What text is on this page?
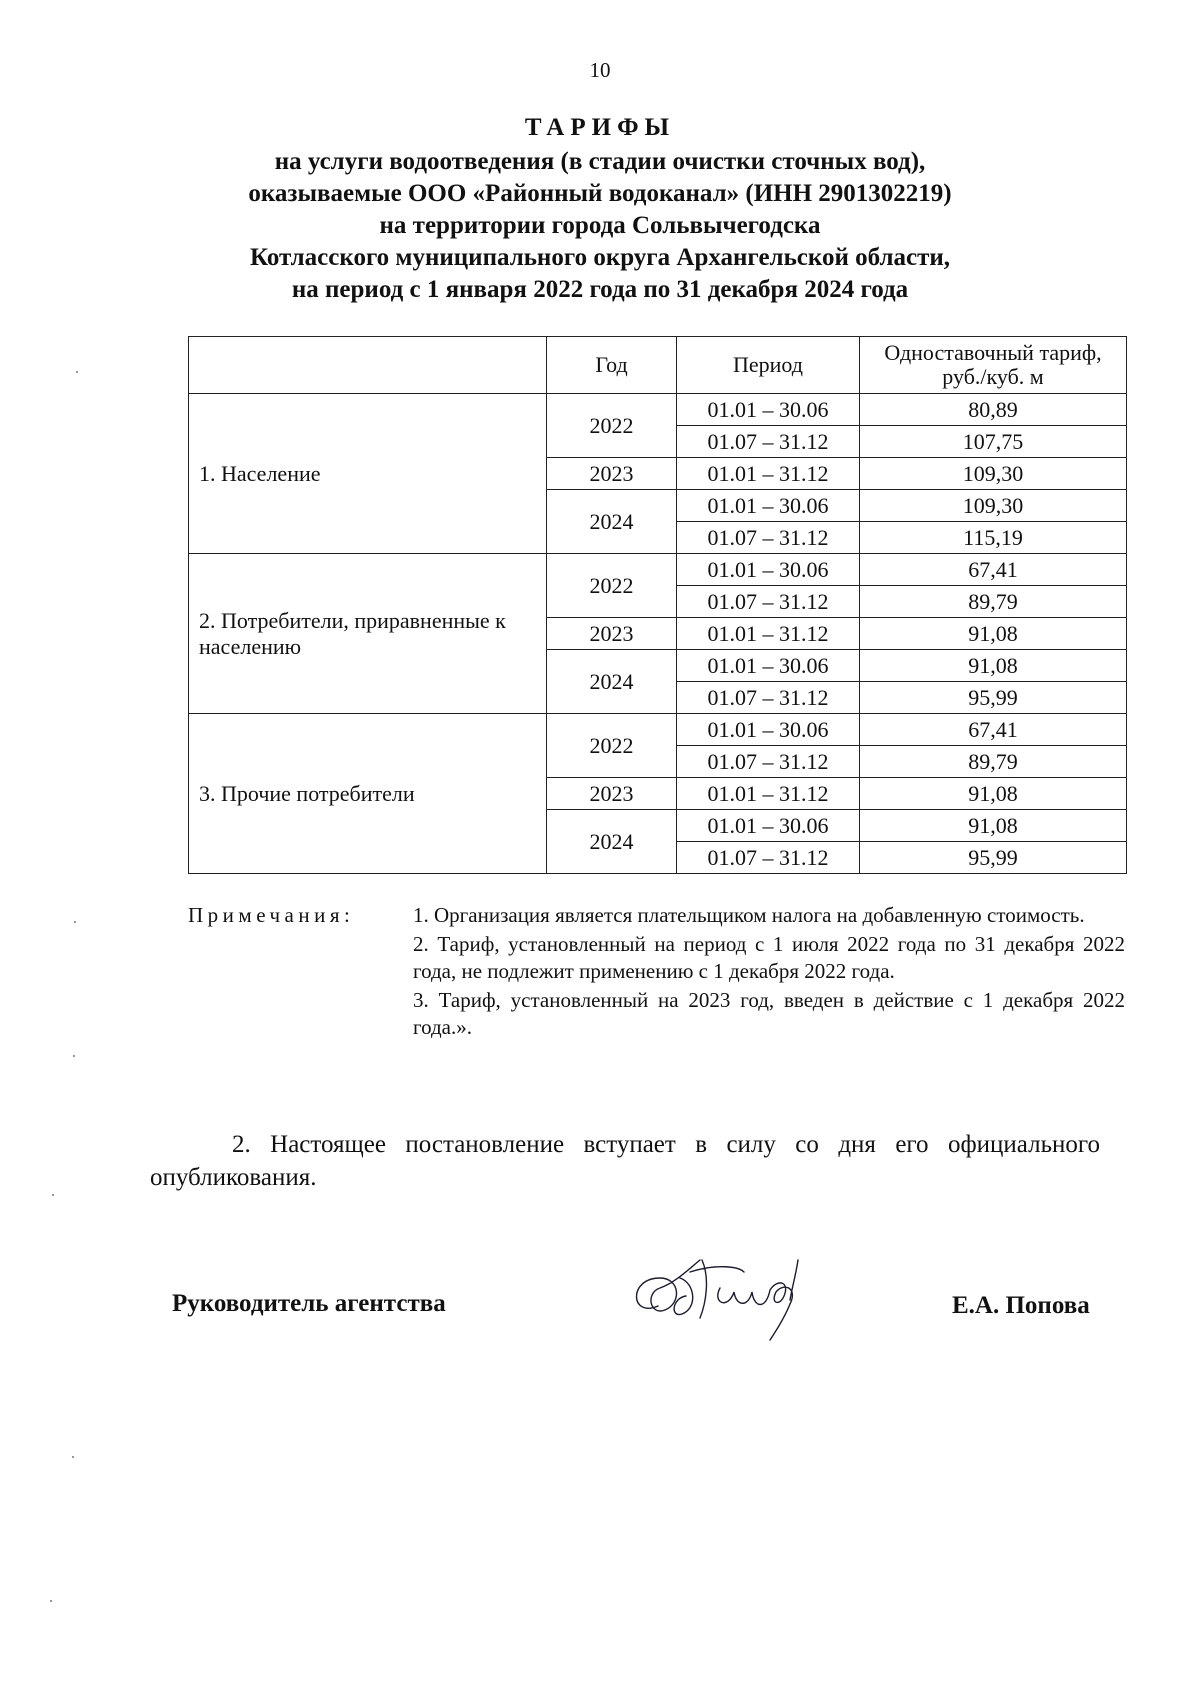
10
ТАРИФЫ
на услуги водоотведения (в стадии очистки сточных вод),
оказываемые ООО «Районный водоканал» (ИНН 2901302219)
на территории города Сольвычегодска
Котласского муниципального округа Архангельской области,
на период с 1 января 2022 года по 31 декабря 2024 года
	Год	Период	Одноставочный тариф, руб./куб. м
1. Население	2022	01.01 – 30.06	80,89
		01.07 – 31.12	107,75
	2023	01.01 – 31.12	109,30
	2024	01.01 – 30.06	109,30
		01.07 – 31.12	115,19
2. Потребители, приравненные к населению	2022	01.01 – 30.06	67,41
		01.07 – 31.12	89,79
	2023	01.01 – 31.12	91,08
	2024	01.01 – 30.06	91,08
		01.07 – 31.12	95,99
3. Прочие потребители	2022	01.01 – 30.06	67,41
		01.07 – 31.12	89,79
	2023	01.01 – 31.12	91,08
	2024	01.01 – 30.06	91,08
		01.07 – 31.12	95,99
Примечания:	1. Организация является плательщиком налога на добавленную стоимость.

2. Тариф, установленный на период с 1 июля 2022 года по 31 декабря 2022 года, не подлежит применению с 1 декабря 2022 года.

3. Тариф, установленный на 2023 год, введен в действие с 1 декабря 2022 года.».

2. Настоящее постановление вступает в силу со дня его официального опубликования.
Руководитель агентства	Е.А. Попова
